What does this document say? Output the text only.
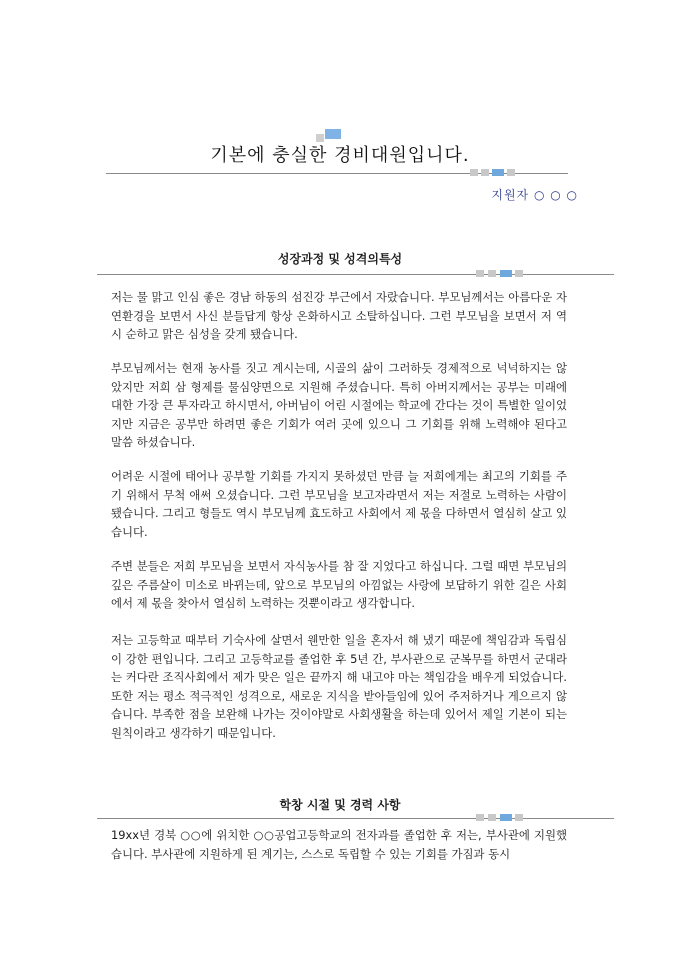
기본에 충실한 경비대원입니다.
지원자 ○ ○ ○
성장과정 및 성격의특성

저는 물 맑고 인심 좋은 경남 하동의 섬진강 부근에서 자랐습니다. 부모님께서는 아름다운 자연환경을 보면서 사신 분들답게 항상 온화하시고 소탈하십니다. 그런 부모님을 보면서 저 역시 순하고 맑은 심성을 갖게 됐습니다.

부모님께서는 현재 농사를 짓고 계시는데, 시골의 삶이 그러하듯 경제적으로 넉넉하지는 않았지만 저희 삼 형제를 물심양면으로 지원해 주셨습니다. 특히 아버지께서는 공부는 미래에 대한 가장 큰 투자라고 하시면서, 아버님이 어린 시절에는 학교에 간다는 것이 특별한 일이었지만 지금은 공부만 하려면 좋은 기회가 여러 곳에 있으니 그 기회를 위해 노력해야 된다고 말씀 하셨습니다.

어려운 시절에 태어나 공부할 기회를 가지지 못하셨던 만큼 늘 저희에게는 최고의 기회를 주기 위해서 무척 애써 오셨습니다. 그런 부모님을 보고자라면서 저는 저절로 노력하는 사람이 됐습니다. 그리고 형들도 역시 부모님께 효도하고 사회에서 제 몫을 다하면서 열심히 살고 있습니다.

주변 분들은 저희 부모님을 보면서 자식농사를 참 잘 지었다고 하십니다. 그럴 때면 부모님의 깊은 주름살이 미소로 바뀌는데, 앞으로 부모님의 아낌없는 사랑에 보답하기 위한 길은 사회에서 제 몫을 찾아서 열심히 노력하는 것뿐이라고 생각합니다.

저는 고등학교 때부터 기숙사에 살면서 웬만한 일을 혼자서 해 냈기 때문에 책임감과 독립심이 강한 편입니다. 그리고 고등학교를 졸업한 후 5년 간, 부사관으로 군복무를 하면서 군대라는 커다란 조직사회에서 제가 맞은 일은 끝까지 해 내고야 마는 책임감을 배우게 되었습니다. 또한 저는 평소 적극적인 성격으로, 새로운 지식을 받아들임에 있어 주저하거나 게으르지 않습니다. 부족한 점을 보완해 나가는 것이야말로 사회생활을 하는데 있어서 제일 기본이 되는 원칙이라고 생각하기 때문입니다.

학창 시절 및 경력 사항

19xx년 경북 ○○에 위치한 ○○공업고등학교의 전자과를 졸업한 후 저는, 부사관에 지원했습니다. 부사관에 지원하게 된 계기는, 스스로 독립할 수 있는 기회를 가짐과 동시
